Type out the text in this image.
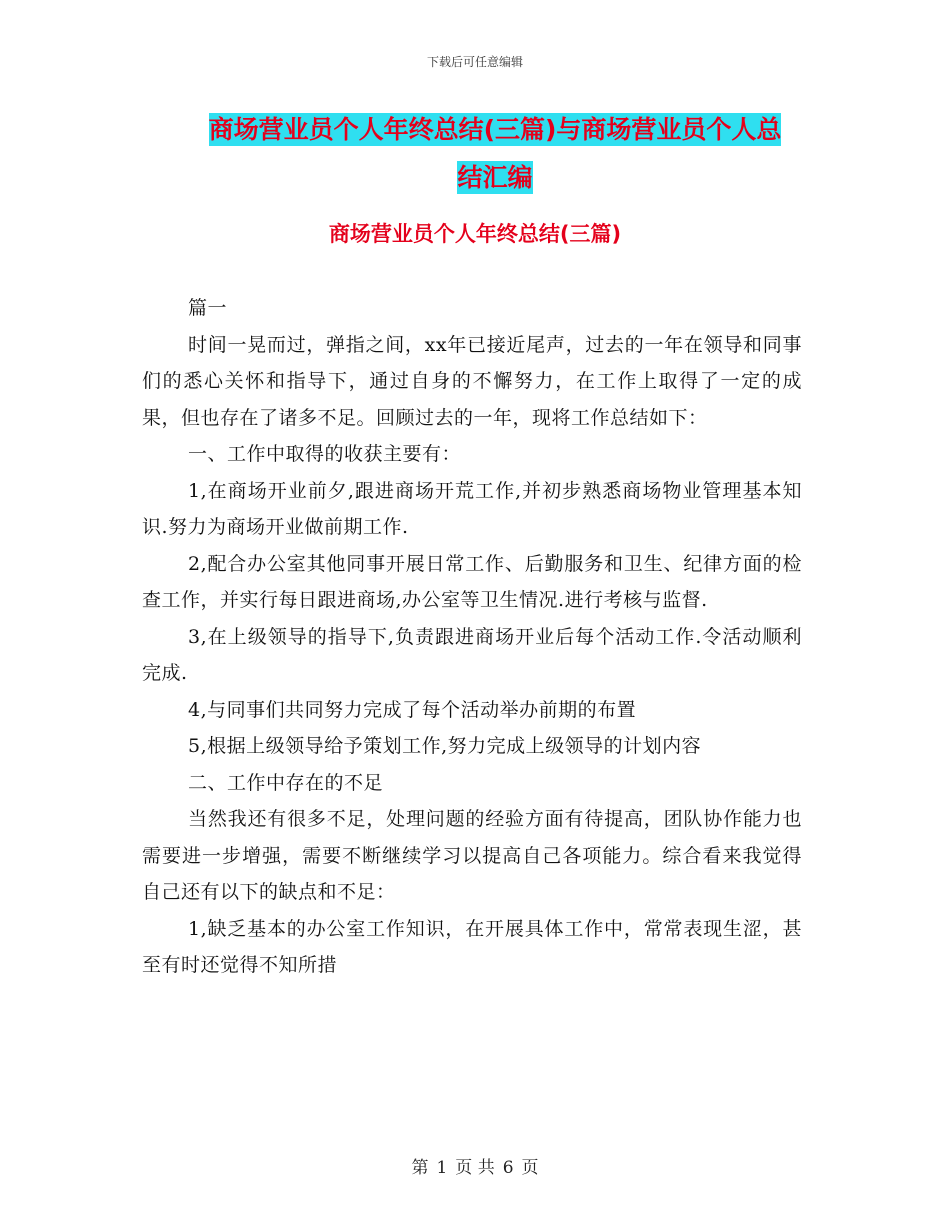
下载后可任意编辑
商场营业员个人年终总结(三篇)与商场营业员个人总
结汇编
商场营业员个人年终总结(三篇)

篇一

时间一晃而过，弹指之间，xx年已接近尾声，过去的一年在领导和同事们的悉心关怀和指导下，通过自身的不懈努力，在工作上取得了一定的成果，但也存在了诸多不足。回顾过去的一年，现将工作总结如下：

一、工作中取得的收获主要有：

1,在商场开业前夕,跟进商场开荒工作,并初步熟悉商场物业管理基本知识.努力为商场开业做前期工作.

2,配合办公室其他同事开展日常工作、后勤服务和卫生、纪律方面的检查工作，并实行每日跟进商场,办公室等卫生情况.进行考核与监督.

3,在上级领导的指导下,负责跟进商场开业后每个活动工作.令活动顺利完成.

4,与同事们共同努力完成了每个活动举办前期的布置

5,根据上级领导给予策划工作,努力完成上级领导的计划内容

二、工作中存在的不足

当然我还有很多不足，处理问题的经验方面有待提高，团队协作能力也需要进一步增强，需要不断继续学习以提高自己各项能力。综合看来我觉得自己还有以下的缺点和不足：

1,缺乏基本的办公室工作知识，在开展具体工作中，常常表现生涩，甚至有时还觉得不知所措

第 1 页 共 6 页
